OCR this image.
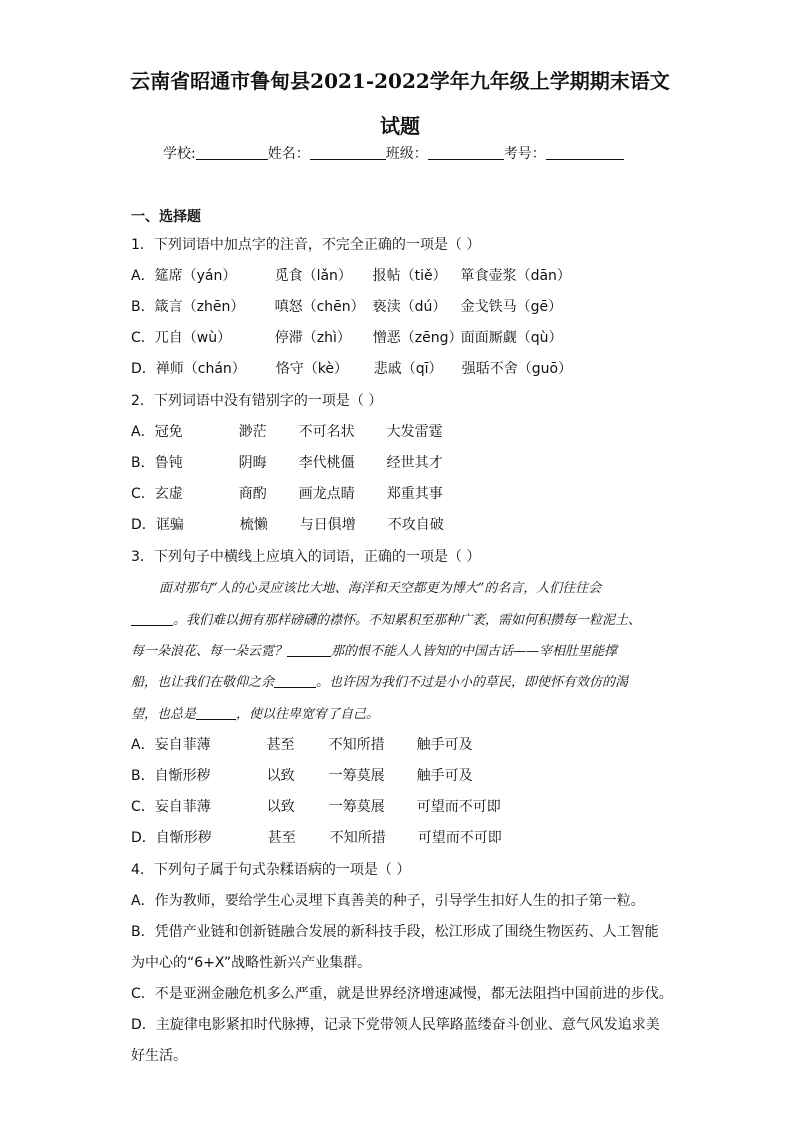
云南省昭通市鲁甸县2021-2022学年九年级上学期期末语文
试题
学校:	姓名：	班级：	考号：
一、选择题
1．下列词语中加点字的注音，不完全正确的一项是（ ）
A．筵席（yán）	觅食（lǎn） 报帖（tiě） 箪食壶浆（dān）
B．箴言（zhēn） 嗔怒（chēn） 亵渎（dú） 金戈铁马（gē）
C．兀自（wù）	停滞（zhì） 憎恶（zēng）面面厮觑（qù）
D．禅师（chán） 恪守（kè） 悲戚（qī） 强聒不舍（guō）
2．下列词语中没有错别字的一项是（ ）
A．冠免	渺茫 不可名状 大发雷霆
B．鲁钝	阴晦 李代桃僵 经世其才
C．玄虚	商酌 画龙点睛 郑重其事
D．诓骗	梳懒 与日俱增 不攻自破
3．下列句子中横线上应填入的词语，正确的一项是（ ）
面对那句“人的心灵应该比大地、海洋和天空都更为博大”的名言，人们往往会
。我们难以拥有那样磅礴的襟怀。不知累积至那种广袤，需如何积攒每一粒泥土、
每一朵浪花、每一朵云霓？	那的恨不能人人皆知的中国古话——宰相肚里能撑
船，也让我们在敬仰之余	。也许因为我们不过是小小的草民，即使怀有效仿的渴
望，也总是	，使以往卑宽宥了自己。
A．妄自菲薄	甚至 不知所措 触手可及
B．自惭形秽	以致 一筹莫展 触手可及
C．妄自菲薄	以致 一筹莫展 可望而不可即
D．自惭形秽	甚至 不知所措 可望而不可即
4．下列句子属于句式杂糅语病的一项是（ ）
A．作为教师，要给学生心灵埋下真善美的种子，引导学生扣好人生的扣子第一粒。
B．凭借产业链和创新链融合发展的新科技手段，松江形成了围绕生物医药、人工智能
为中心的“6+X”战略性新兴产业集群。
C．不是亚洲金融危机多么严重，就是世界经济增速减慢，都无法阻挡中国前进的步伐。
D．主旋律电影紧扣时代脉搏，记录下党带领人民筚路蓝缕奋斗创业、意气风发追求美
好生活。
